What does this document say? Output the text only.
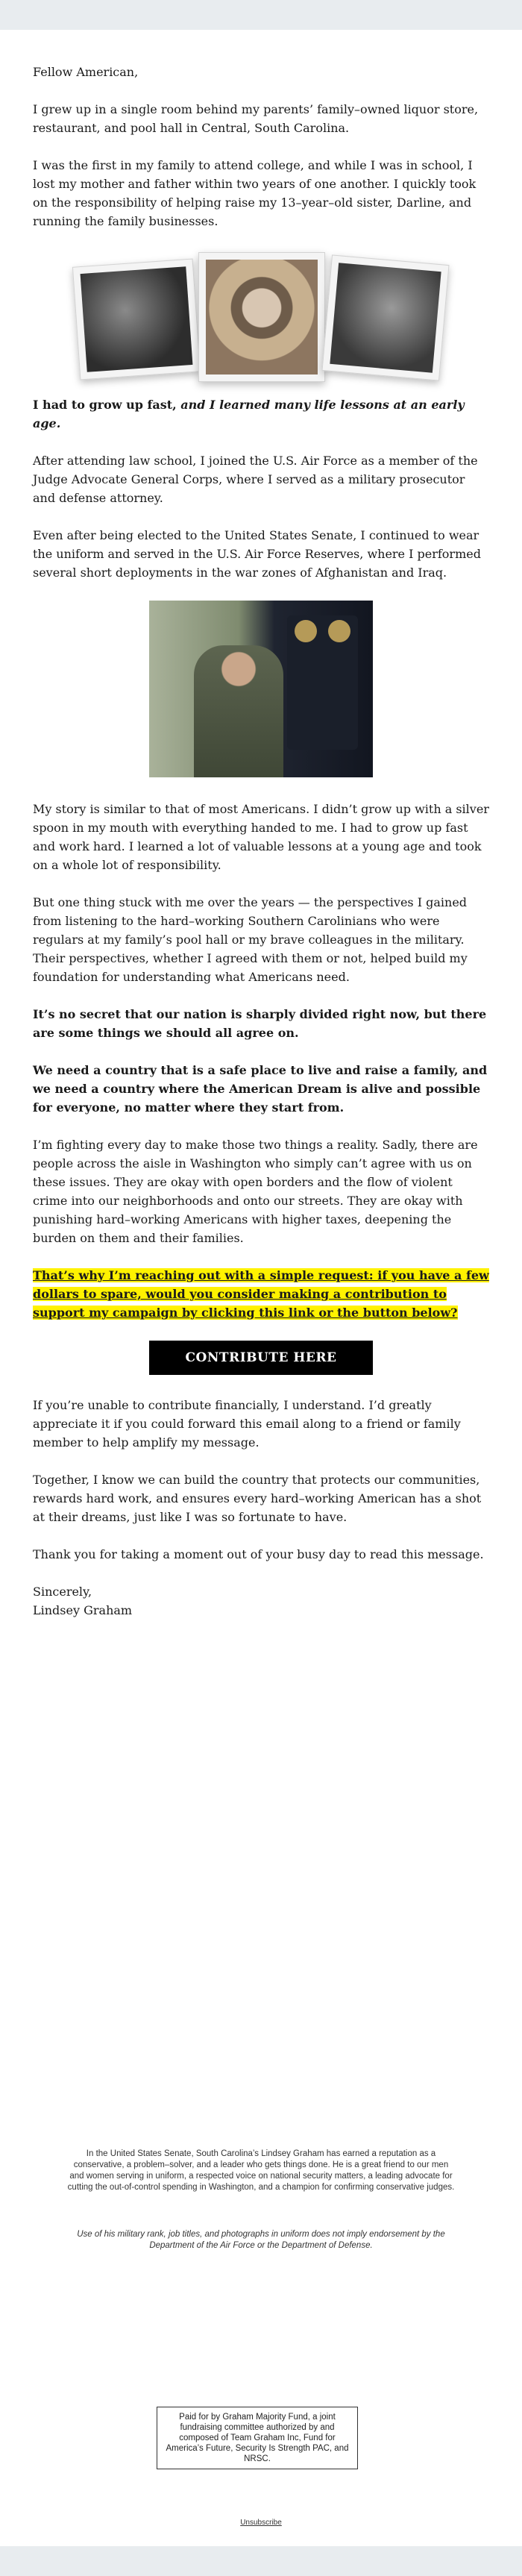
Fellow American,

I grew up in a single room behind my parents’ family–owned liquor store, restaurant, and pool hall in Central, South Carolina.

I was the first in my family to attend college, and while I was in school, I lost my mother and father within two years of one another. I quickly took on the responsibility of helping raise my 13–year–old sister, Darline, and running the family businesses.

I had to grow up fast, and I learned many life lessons at an early age.

After attending law school, I joined the U.S. Air Force as a member of the Judge Advocate General Corps, where I served as a military prosecutor and defense attorney.

Even after being elected to the United States Senate, I continued to wear the uniform and served in the U.S. Air Force Reserves, where I performed several short deployments in the war zones of Afghanistan and Iraq.

My story is similar to that of most Americans. I didn’t grow up with a silver spoon in my mouth with everything handed to me. I had to grow up fast and work hard. I learned a lot of valuable lessons at a young age and took on a whole lot of responsibility.

But one thing stuck with me over the years — the perspectives I gained from listening to the hard–working Southern Carolinians who were regulars at my family’s pool hall or my brave colleagues in the military. Their perspectives, whether I agreed with them or not, helped build my foundation for understanding what Americans need.

It’s no secret that our nation is sharply divided right now, but there are some things we should all agree on.

We need a country that is a safe place to live and raise a family, and we need a country where the American Dream is alive and possible for everyone, no matter where they start from.

I’m fighting every day to make those two things a reality. Sadly, there are people across the aisle in Washington who simply can’t agree with us on these issues. They are okay with open borders and the flow of violent crime into our neighborhoods and onto our streets. They are okay with punishing hard–working Americans with higher taxes, deepening the burden on them and their families.

That’s why I’m reaching out with a simple request: if you have a few dollars to spare, would you consider making a contribution to support my campaign by clicking this link or the button below?

CONTRIBUTE HERE

If you’re unable to contribute financially, I understand. I’d greatly appreciate it if you could forward this email along to a friend or family member to help amplify my message.

Together, I know we can build the country that protects our communities, rewards hard work, and ensures every hard–working American has a shot at their dreams, just like I was so fortunate to have.

Thank you for taking a moment out of your busy day to read this message.

Sincerely,

Lindsey Graham

In the United States Senate, South Carolina’s Lindsey Graham has earned a reputation as a conservative, a problem–solver, and a leader who gets things done. He is a great friend to our men and women serving in uniform, a respected voice on national security matters, a leading advocate for cutting the out-of-control spending in Washington, and a champion for confirming conservative judges.
Use of his military rank, job titles, and photographs in uniform does not imply endorsement by the Department of the Air Force or the Department of Defense.
Paid for by Graham Majority Fund, a joint fundraising committee authorized by and composed of Team Graham Inc, Fund for America’s Future, Security Is Strength PAC, and NRSC.
Unsubscribe
